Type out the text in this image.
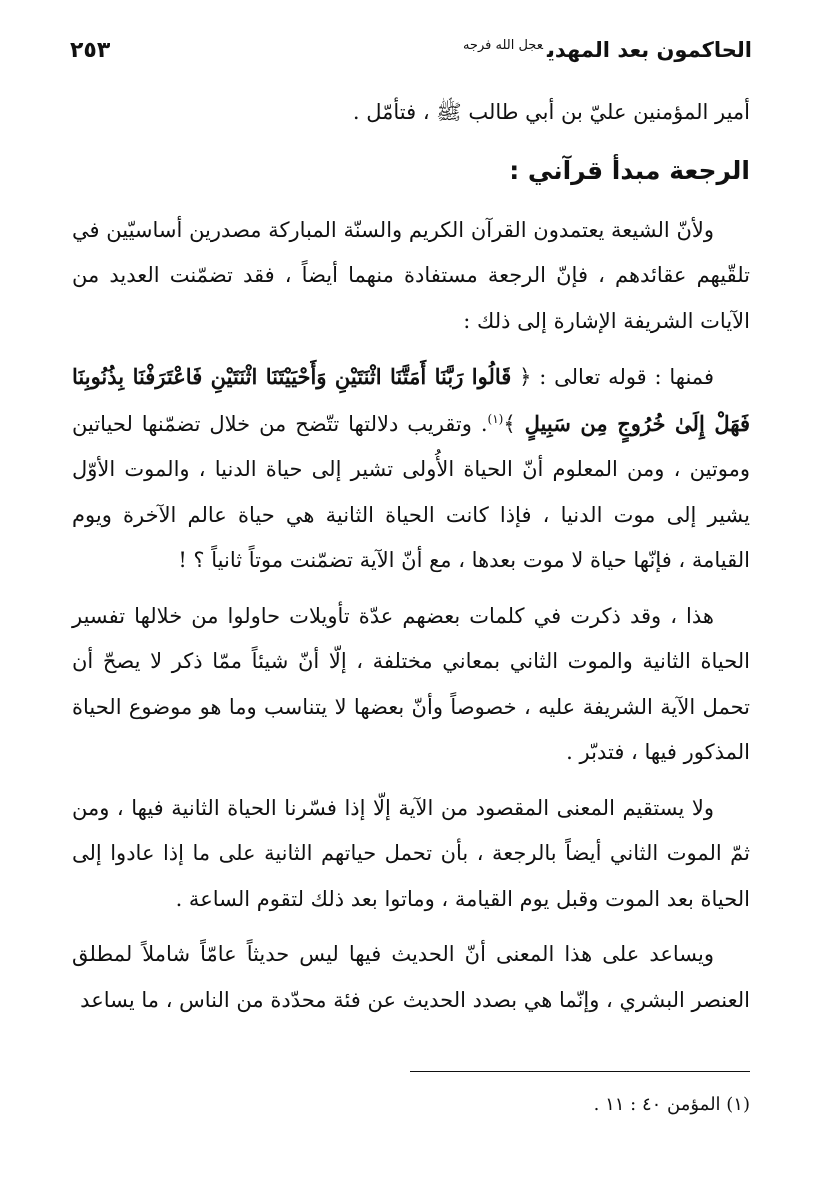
الحاكمون بعد المهدي$^{عجل الله فرجه}$
٢٥٣

أمير المؤمنين عليّ بن أبي طالب ﷺ ، فتأمّل .

الرجعة مبدأ قرآني :

ولأنّ الشيعة يعتمدون القرآن الكريم والسنّة المباركة مصدرين أساسيّين في تلقّيهم عقائدهم ، فإنّ الرجعة مستفادة منهما أيضاً ، فقد تضمّنت العديد من الآيات الشريفة الإشارة إلى ذلك :

فمنها : قوله تعالى : ﴿ قَالُوا رَبَّنَا أَمَتَّنَا اثْنَتَيْنِ وَأَحْيَيْتَنَا اثْنَتَيْنِ فَاعْتَرَفْنَا بِذُنُوبِنَا فَهَلْ إِلَىٰ خُرُوجٍ مِن سَبِيلٍ ﴾$^{(١)}$. وتقريب دلالتها تتّضح من خلال تضمّنها لحياتين وموتين ، ومن المعلوم أنّ الحياة الأُولى تشير إلى حياة الدنيا ، والموت الأوّل يشير إلى موت الدنيا ، فإذا كانت الحياة الثانية هي حياة عالم الآخرة ويوم القيامة ، فإنّها حياة لا موت بعدها ، مع أنّ الآية تضمّنت موتاً ثانياً ؟ !

هذا ، وقد ذكرت في كلمات بعضهم عدّة تأويلات حاولوا من خلالها تفسير الحياة الثانية والموت الثاني بمعاني مختلفة ، إلّا أنّ شيئاً ممّا ذكر لا يصحّ أن تحمل الآية الشريفة عليه ، خصوصاً وأنّ بعضها لا يتناسب وما هو موضوع الحياة المذكور فيها ، فتدبّر .

ولا يستقيم المعنى المقصود من الآية إلّا إذا فسّرنا الحياة الثانية فيها ، ومن ثمّ الموت الثاني أيضاً بالرجعة ، بأن تحمل حياتهم الثانية على ما إذا عادوا إلى الحياة بعد الموت وقبل يوم القيامة ، وماتوا بعد ذلك لتقوم الساعة .

ويساعد على هذا المعنى أنّ الحديث فيها ليس حديثاً عامّاً شاملاً لمطلق العنصر البشري ، وإنّما هي بصدد الحديث عن فئة محدّدة من الناس ، ما يساعد

(١) المؤمن ٤٠ : ١١ .
